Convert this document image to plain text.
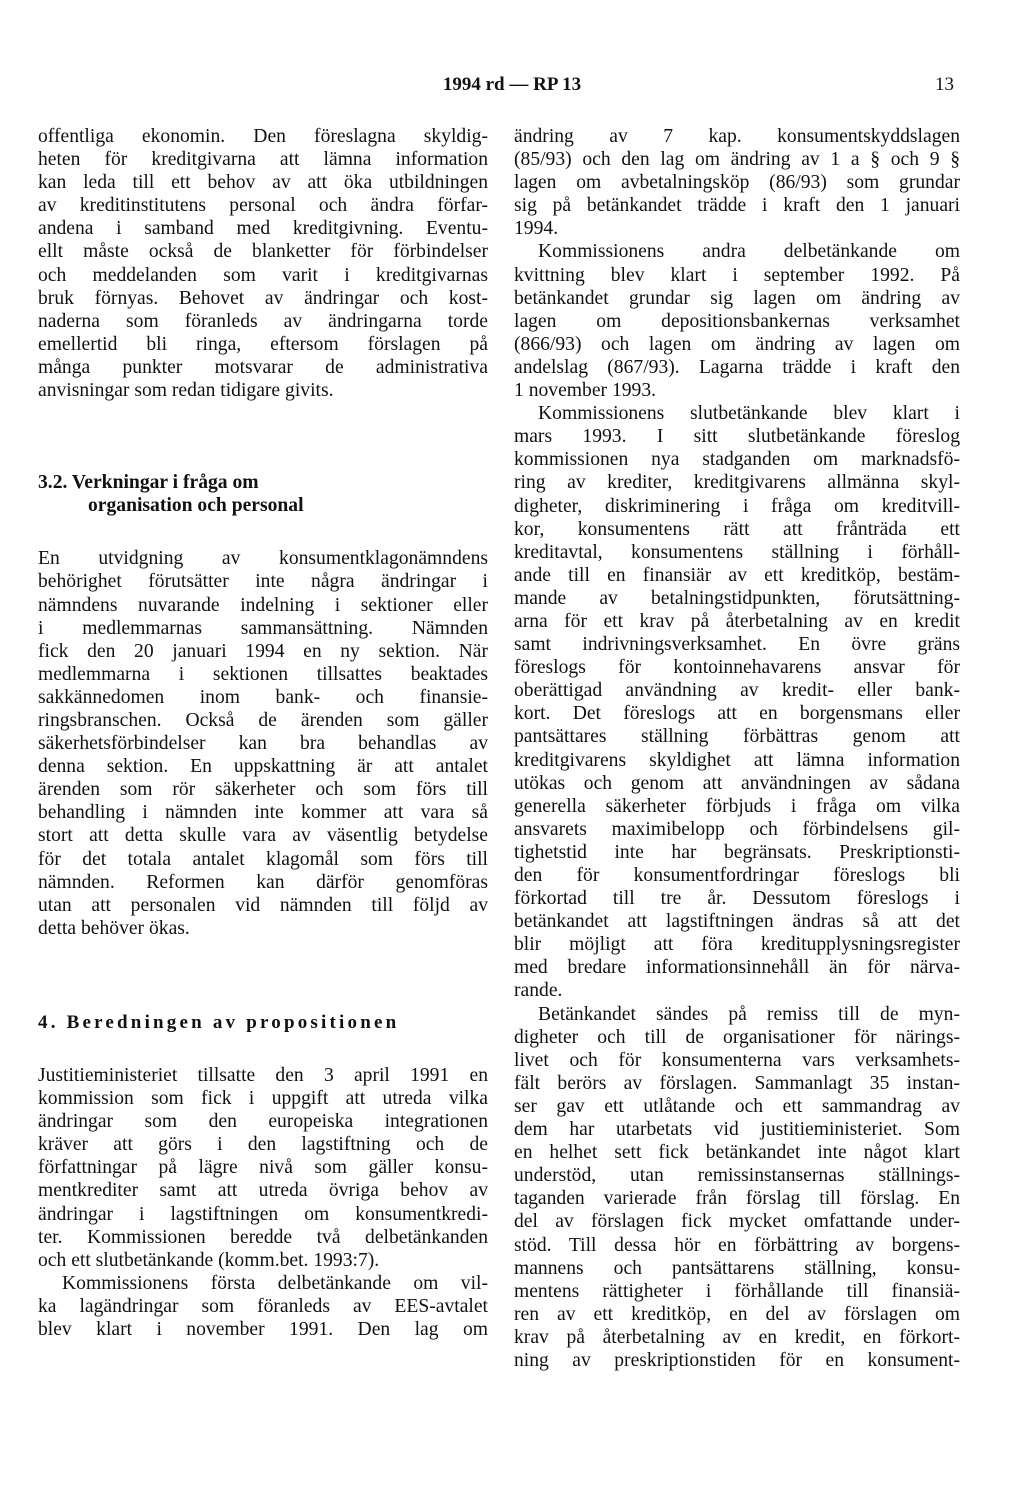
1994 rd — RP 13	13
offentliga ekonomin. Den föreslagna skyldig-
heten för kreditgivarna att lämna information
kan leda till ett behov av att öka utbildningen
av kreditinstitutens personal och ändra förfar-
andena i samband med kreditgivning. Eventu-
ellt måste också de blanketter för förbindelser
och meddelanden som varit i kreditgivarnas
bruk förnyas. Behovet av ändringar och kost-
naderna som föranleds av ändringarna torde
emellertid bli ringa, eftersom förslagen på
många punkter motsvarar de administrativa
anvisningar som redan tidigare givits.
3.2. Verkningar i fråga om
organisation och personal
En utvidgning av konsumentklagonämndens
behörighet förutsätter inte några ändringar i
nämndens nuvarande indelning i sektioner eller
i medlemmarnas sammansättning. Nämnden
fick den 20 januari 1994 en ny sektion. När
medlemmarna i sektionen tillsattes beaktades
sakkännedomen inom bank- och finansie-
ringsbranschen. Också de ärenden som gäller
säkerhetsförbindelser kan bra behandlas av
denna sektion. En uppskattning är att antalet
ärenden som rör säkerheter och som förs till
behandling i nämnden inte kommer att vara så
stort att detta skulle vara av väsentlig betydelse
för det totala antalet klagomål som förs till
nämnden. Reformen kan därför genomföras
utan att personalen vid nämnden till följd av
detta behöver ökas.
4. Beredningen av propositionen
Justitieministeriet tillsatte den 3 april 1991 en
kommission som fick i uppgift att utreda vilka
ändringar som den europeiska integrationen
kräver att görs i den lagstiftning och de
författningar på lägre nivå som gäller konsu-
mentkrediter samt att utreda övriga behov av
ändringar i lagstiftningen om konsumentkredi-
ter. Kommissionen beredde två delbetänkanden
och ett slutbetänkande (komm.bet. 1993:7).
Kommissionens första delbetänkande om vil-
ka lagändringar som föranleds av EES-avtalet
blev klart i november 1991. Den lag om
ändring av 7 kap. konsumentskyddslagen
(85/93) och den lag om ändring av 1 a § och 9 §
lagen om avbetalningsköp (86/93) som grundar
sig på betänkandet trädde i kraft den 1 januari
1994.
Kommissionens andra delbetänkande om
kvittning blev klart i september 1992. På
betänkandet grundar sig lagen om ändring av
lagen om depositionsbankernas verksamhet
(866/93) och lagen om ändring av lagen om
andelslag (867/93). Lagarna trädde i kraft den
1 november 1993.
Kommissionens slutbetänkande blev klart i
mars 1993. I sitt slutbetänkande föreslog
kommissionen nya stadganden om marknadsfö-
ring av krediter, kreditgivarens allmänna skyl-
digheter, diskriminering i fråga om kreditvill-
kor, konsumentens rätt att frånträda ett
kreditavtal, konsumentens ställning i förhåll-
ande till en finansiär av ett kreditköp, bestäm-
mande av betalningstidpunkten, förutsättning-
arna för ett krav på återbetalning av en kredit
samt indrivningsverksamhet. En övre gräns
föreslogs för kontoinnehavarens ansvar för
oberättigad användning av kredit- eller bank-
kort. Det föreslogs att en borgensmans eller
pantsättares ställning förbättras genom att
kreditgivarens skyldighet att lämna information
utökas och genom att användningen av sådana
generella säkerheter förbjuds i fråga om vilka
ansvarets maximibelopp och förbindelsens gil-
tighetstid inte har begränsats. Preskriptionsti-
den för konsumentfordringar föreslogs bli
förkortad till tre år. Dessutom föreslogs i
betänkandet att lagstiftningen ändras så att det
blir möjligt att föra kreditupplysningsregister
med bredare informationsinnehåll än för närva-
rande.
Betänkandet sändes på remiss till de myn-
digheter och till de organisationer för närings-
livet och för konsumenterna vars verksamhets-
fält berörs av förslagen. Sammanlagt 35 instan-
ser gav ett utlåtande och ett sammandrag av
dem har utarbetats vid justitieministeriet. Som
en helhet sett fick betänkandet inte något klart
understöd, utan remissinstansernas ställnings-
taganden varierade från förslag till förslag. En
del av förslagen fick mycket omfattande under-
stöd. Till dessa hör en förbättring av borgens-
mannens och pantsättarens ställning, konsu-
mentens rättigheter i förhållande till finansiä-
ren av ett kreditköp, en del av förslagen om
krav på återbetalning av en kredit, en förkort-
ning av preskriptionstiden för en konsument-
